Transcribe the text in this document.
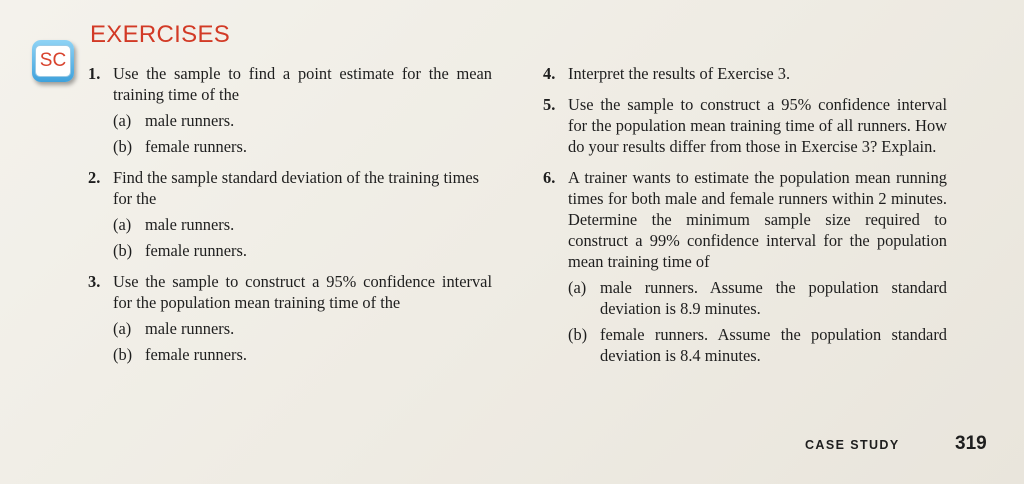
SC
EXERCISES
1. Use the sample to find a point estimate for the mean training time of the
(a) male runners.
(b) female runners.
2. Find the sample standard deviation of the training times for the
(a) male runners.
(b) female runners.
3. Use the sample to construct a 95% confidence interval for the population mean training time of the
(a) male runners.
(b) female runners.
4. Interpret the results of Exercise 3.
5. Use the sample to construct a 95% confidence interval for the population mean training time of all runners. How do your results differ from those in Exercise 3? Explain.
6. A trainer wants to estimate the population mean running times for both male and female runners within 2 minutes. Determine the minimum sample size required to construct a 99% confidence interval for the population mean training time of
(a) male runners. Assume the population standard deviation is 8.9 minutes.
(b) female runners. Assume the population standard deviation is 8.4 minutes.
CASE STUDY	319
